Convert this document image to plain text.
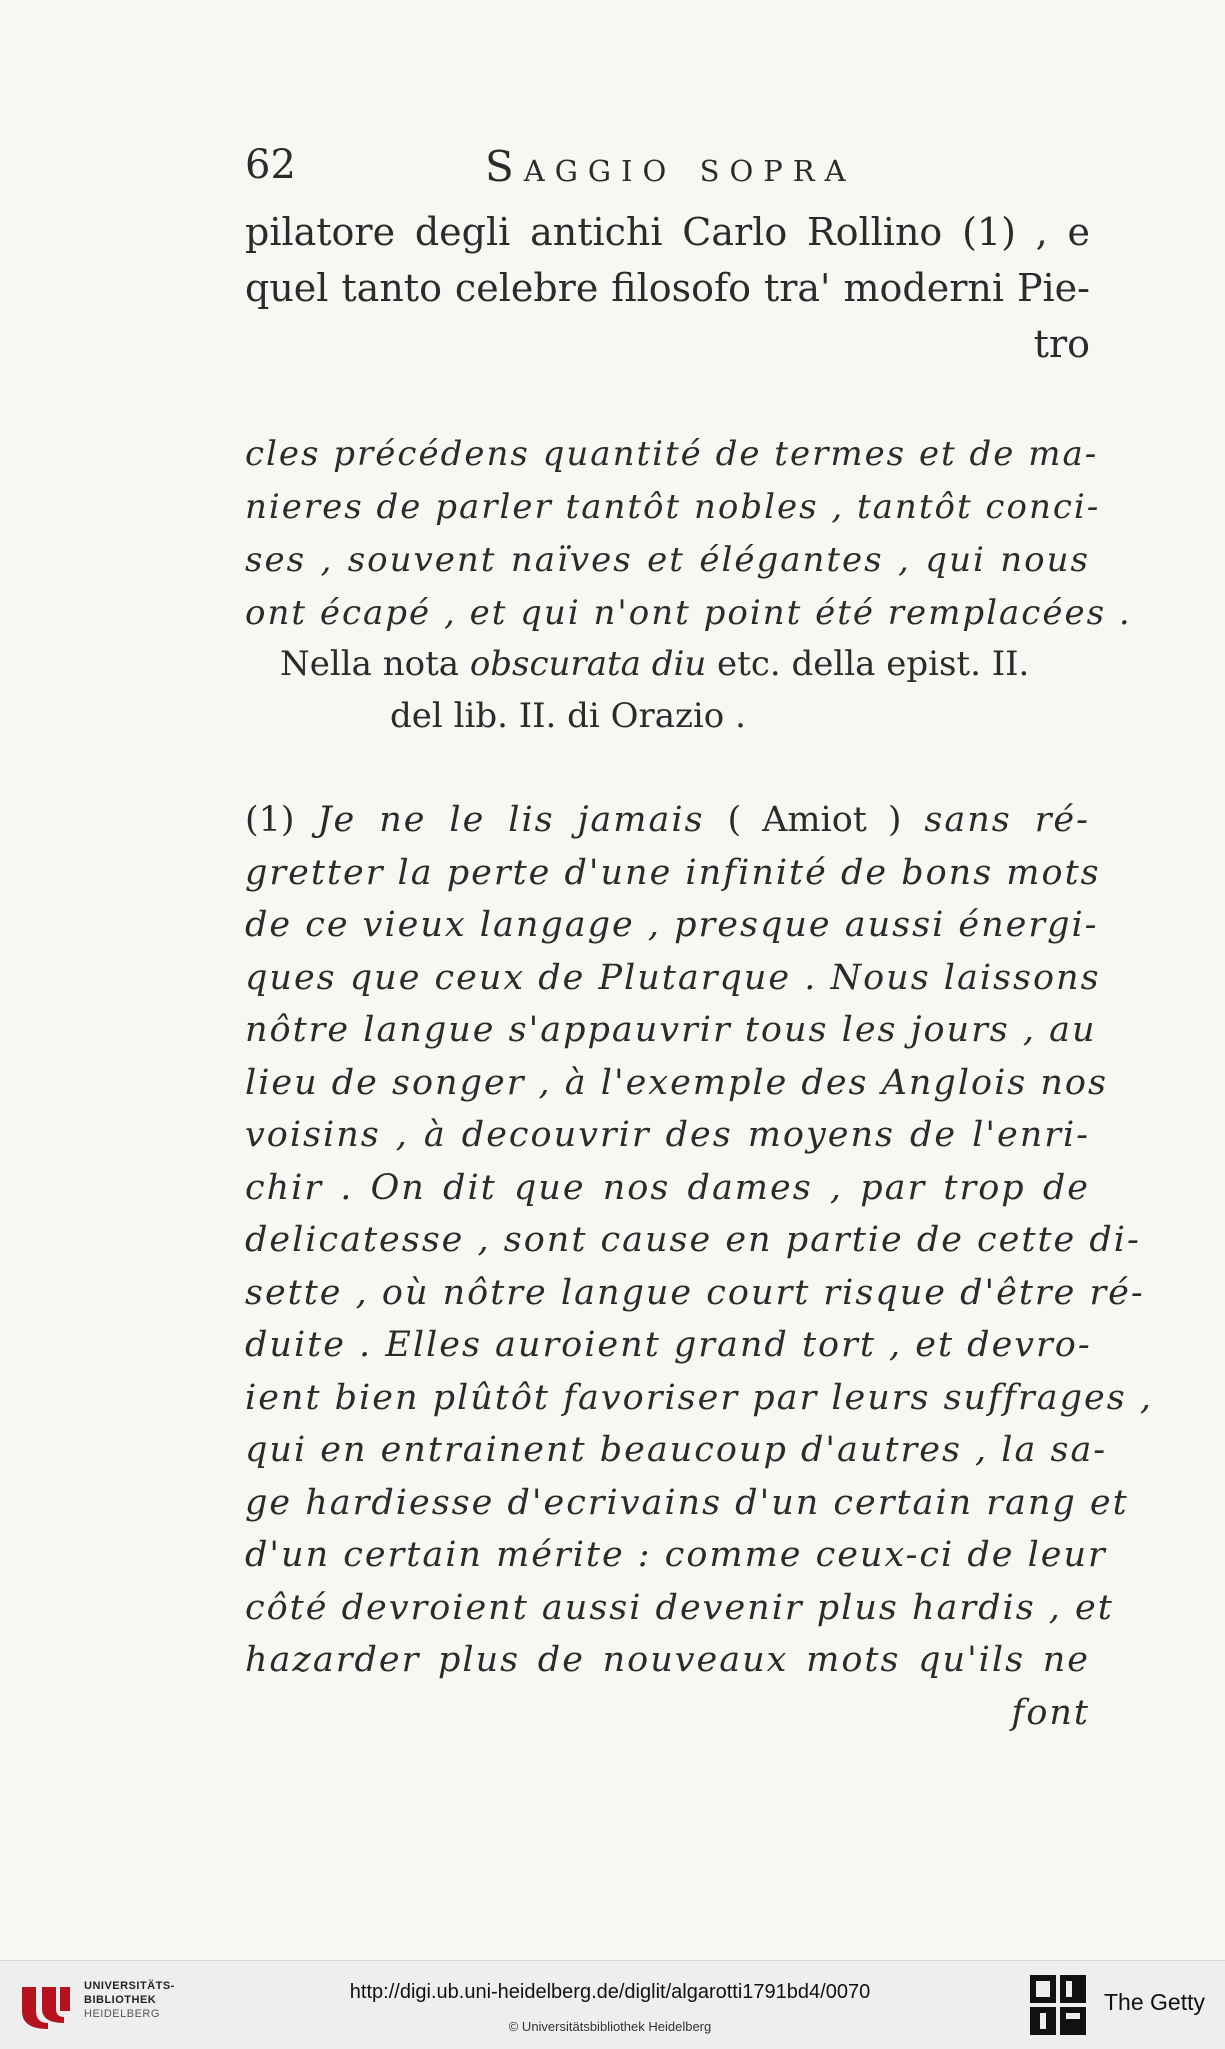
62	Saggio sopra
pilatore degli antichi Carlo Rollino (1) , e
quel tanto celebre filosofo tra' moderni Pie-
tro
cles précédens quantité de termes et de ma-
nieres de parler tantôt nobles , tantôt conci-
ses , souvent naïves et élégantes , qui nous
ont écapé , et qui n'ont point été remplacées .
Nella nota obscurata diu etc. della epist. II.
del lib. II. di Orazio .
(1) Je ne le lis jamais ( Amiot ) sans ré-
gretter la perte d'une infinité de bons mots
de ce vieux langage , presque aussi énergi-
ques que ceux de Plutarque . Nous laissons
nôtre langue s'appauvrir tous les jours , au
lieu de songer , à l'exemple des Anglois nos
voisins , à decouvrir des moyens de l'enri-
chir . On dit que nos dames , par trop de
delicatesse , sont cause en partie de cette di-
sette , où nôtre langue court risque d'être ré-
duite . Elles auroient grand tort , et devro-
ient bien plûtôt favoriser par leurs suffrages ,
qui en entrainent beaucoup d'autres , la sa-
ge hardiesse d'ecrivains d'un certain rang et
d'un certain mérite : comme ceux-ci de leur
côté devroient aussi devenir plus hardis , et
hazarder plus de nouveaux mots qu'ils ne
font
UNIVERSITÄTS-
BIBLIOTHEK
HEIDELBERG
http://digi.ub.uni-heidelberg.de/diglit/algarotti1791bd4/0070
© Universitätsbibliothek Heidelberg
The Getty
